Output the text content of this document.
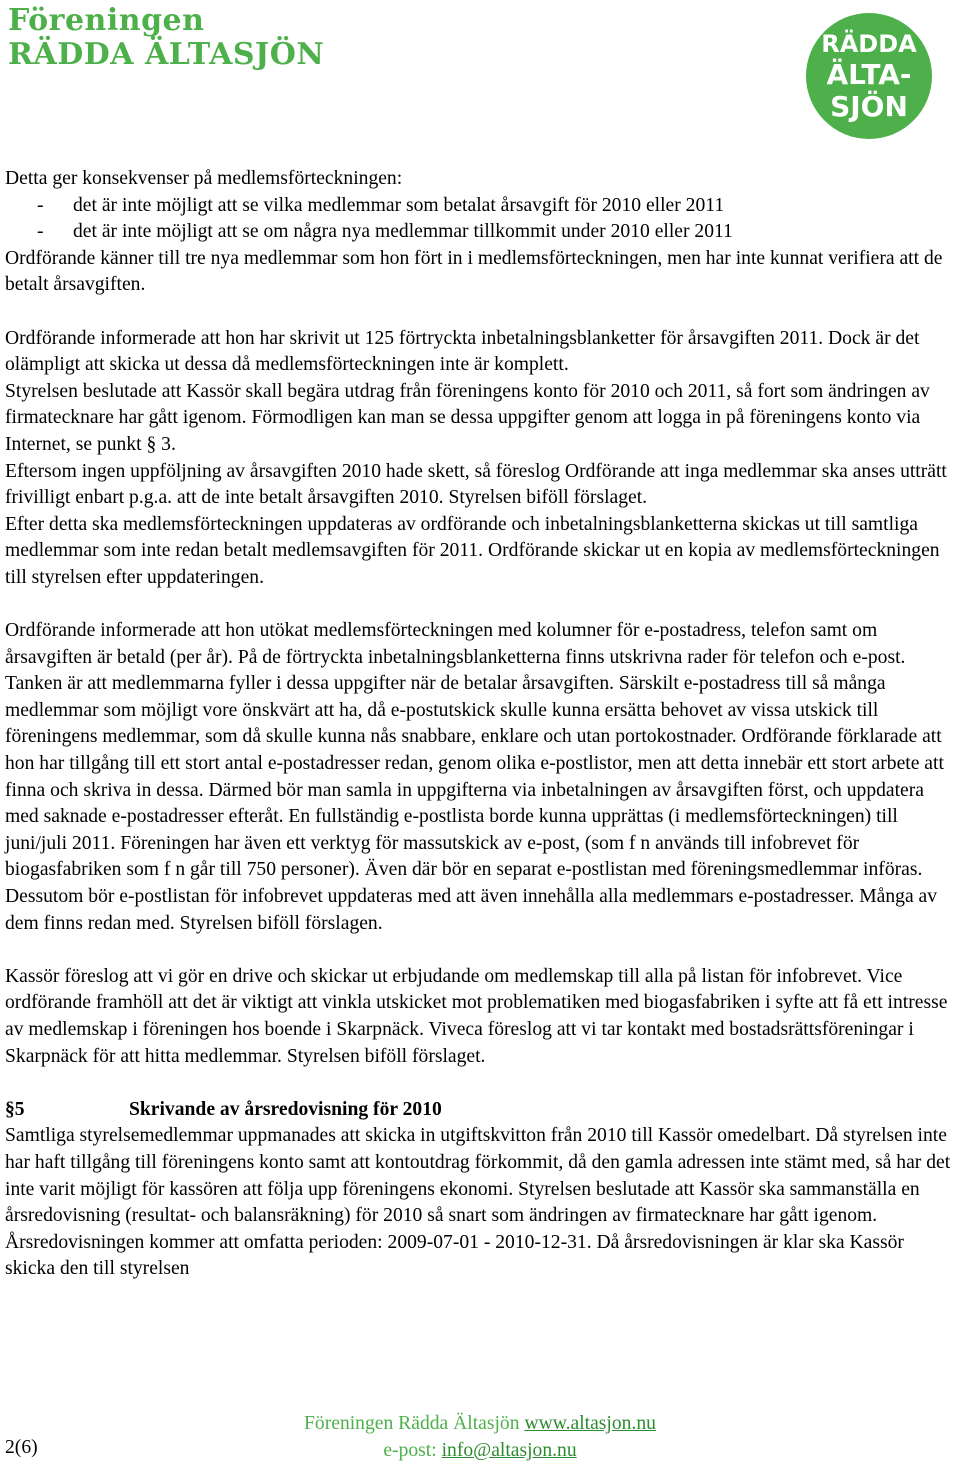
Föreningen
RÄDDA ÄLTASJÖN	RÄDDA
ÄLTA-
SJÖN

Detta ger konsekvenser på medlemsförteckningen:

- det är inte möjligt att se vilka medlemmar som betalat årsavgift för 2010 eller 2011

- det är inte möjligt att se om några nya medlemmar tillkommit under 2010 eller 2011

Ordförande känner till tre nya medlemmar som hon fört in i medlemsförteckningen, men har inte kunnat verifiera att de betalt årsavgiften.

Ordförande informerade att hon har skrivit ut 125 förtryckta inbetalningsblanketter för årsavgiften 2011. Dock är det olämpligt att skicka ut dessa då medlemsförteckningen inte är komplett.

Styrelsen beslutade att Kassör skall begära utdrag från föreningens konto för 2010 och 2011, så fort som ändringen av firmatecknare har gått igenom. Förmodligen kan man se dessa uppgifter genom att logga in på föreningens konto via Internet, se punkt § 3.

Eftersom ingen uppföljning av årsavgiften 2010 hade skett, så föreslog Ordförande att inga medlemmar ska anses utträtt frivilligt enbart p.g.a. att de inte betalt årsavgiften 2010. Styrelsen biföll förslaget.

Efter detta ska medlemsförteckningen uppdateras av ordförande och inbetalningsblanketterna skickas ut till samtliga medlemmar som inte redan betalt medlemsavgiften för 2011. Ordförande skickar ut en kopia av medlemsförteckningen till styrelsen efter uppdateringen.

Ordförande informerade att hon utökat medlemsförteckningen med kolumner för e-postadress, telefon samt om årsavgiften är betald (per år). På de förtryckta inbetalningsblanketterna finns utskrivna rader för telefon och e-post. Tanken är att medlemmarna fyller i dessa uppgifter när de betalar årsavgiften. Särskilt e-postadress till så många medlemmar som möjligt vore önskvärt att ha, då e-postutskick skulle kunna ersätta behovet av vissa utskick till föreningens medlemmar, som då skulle kunna nås snabbare, enklare och utan portokostnader. Ordförande förklarade att hon har tillgång till ett stort antal e-postadresser redan, genom olika e-postlistor, men att detta innebär ett stort arbete att finna och skriva in dessa. Därmed bör man samla in uppgifterna via inbetalningen av årsavgiften först, och uppdatera med saknade e-postadresser efteråt. En fullständig e-postlista borde kunna upprättas (i medlemsförteckningen) till juni/juli 2011. Föreningen har även ett verktyg för massutskick av e-post, (som f n används till infobrevet för biogasfabriken som f n går till 750 personer). Även där bör en separat e-postlistan med föreningsmedlemmar införas. Dessutom bör e-postlistan för infobrevet uppdateras med att även innehålla alla medlemmars e-postadresser. Många av dem finns redan med. Styrelsen biföll förslagen.

Kassör föreslog att vi gör en drive och skickar ut erbjudande om medlemskap till alla på listan för infobrevet. Vice ordförande framhöll att det är viktigt att vinkla utskicket mot problematiken med biogasfabriken i syfte att få ett intresse av medlemskap i föreningen hos boende i Skarpnäck. Viveca föreslog att vi tar kontakt med bostadsrättsföreningar i Skarpnäck för att hitta medlemmar. Styrelsen biföll förslaget.

§5	Skrivande av årsredovisning för 2010

Samtliga styrelsemedlemmar uppmanades att skicka in utgiftskvitton från 2010 till Kassör omedelbart. Då styrelsen inte har haft tillgång till föreningens konto samt att kontoutdrag förkommit, då den gamla adressen inte stämt med, så har det inte varit möjligt för kassören att följa upp föreningens ekonomi. Styrelsen beslutade att Kassör ska sammanställa en årsredovisning (resultat- och balansräkning) för 2010 så snart som ändringen av firmatecknare har gått igenom. Årsredovisningen kommer att omfatta perioden: 2009-07-01 - 2010-12-31. Då årsredovisningen är klar ska Kassör skicka den till styrelsen

2(6)
Föreningen Rädda Ältasjön www.altasjon.nu
e-post: info@altasjon.nu
